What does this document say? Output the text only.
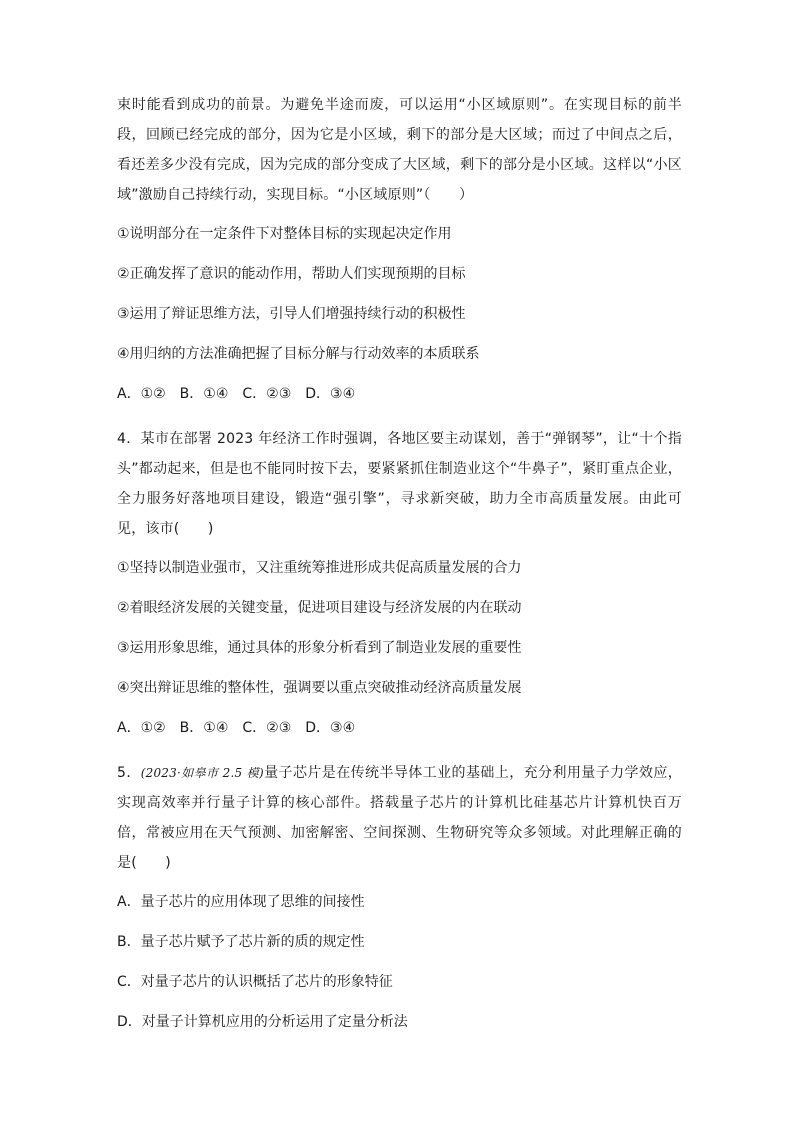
束时能看到成功的前景。为避免半途而废，可以运用“小区域原则”。在实现目标的前半段，回顾已经完成的部分，因为它是小区域，剩下的部分是大区域；而过了中间点之后，看还差多少没有完成，因为完成的部分变成了大区域，剩下的部分是小区域。这样以“小区域”激励自己持续行动，实现目标。“小区域原则”（　　）

①说明部分在一定条件下对整体目标的实现起决定作用

②正确发挥了意识的能动作用，帮助人们实现预期的目标

③运用了辩证思维方法，引导人们增强持续行动的积极性

④用归纳的方法准确把握了目标分解与行动效率的本质联系

A．①②　B．①④　C．②③　D．③④

4．某市在部署 2023 年经济工作时强调，各地区要主动谋划，善于“弹钢琴”，让“十个指头”都动起来，但是也不能同时按下去，要紧紧抓住制造业这个“牛鼻子”，紧盯重点企业，全力服务好落地项目建设，锻造“强引擎”，寻求新突破，助力全市高质量发展。由此可见，该市(　　)

①坚持以制造业强市，又注重统筹推进形成共促高质量发展的合力

②着眼经济发展的关键变量，促进项目建设与经济发展的内在联动

③运用形象思维，通过具体的形象分析看到了制造业发展的重要性

④突出辩证思维的整体性，强调要以重点突破推动经济高质量发展

A．①②　B．①④　C．②③　D．③④

5．(2023·如皋市 2.5 模)量子芯片是在传统半导体工业的基础上，充分利用量子力学效应，实现高效率并行量子计算的核心部件。搭载量子芯片的计算机比硅基芯片计算机快百万倍，常被应用在天气预测、加密解密、空间探测、生物研究等众多领域。对此理解正确的是(　　)

A．量子芯片的应用体现了思维的间接性

B．量子芯片赋予了芯片新的质的规定性

C．对量子芯片的认识概括了芯片的形象特征

D．对量子计算机应用的分析运用了定量分析法
